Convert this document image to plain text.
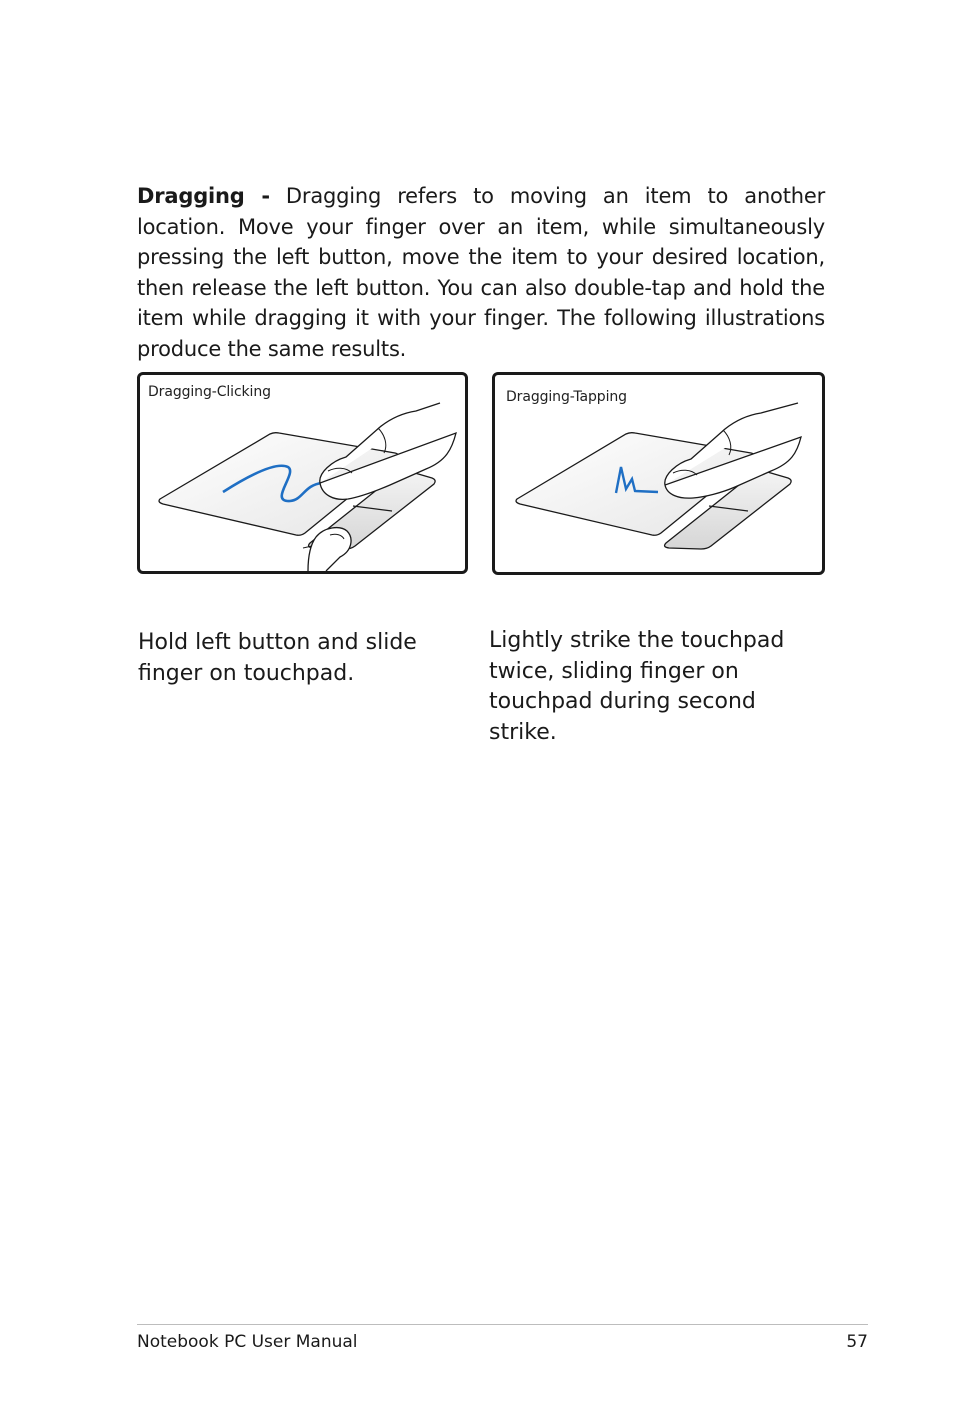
Dragging - Dragging refers to moving an item to another location. Move your finger over an item, while simultaneously pressing the left button, move the item to your desired location, then release the left button. You can also double-tap and hold the item while dragging it with your finger. The following illustrations produce the same results.

Dragging-Clicking	Dragging-Tapping

Hold left button and slide finger on touchpad.

Lightly strike the touchpad twice, sliding finger on touchpad during second strike.

Notebook PC User Manual	57
